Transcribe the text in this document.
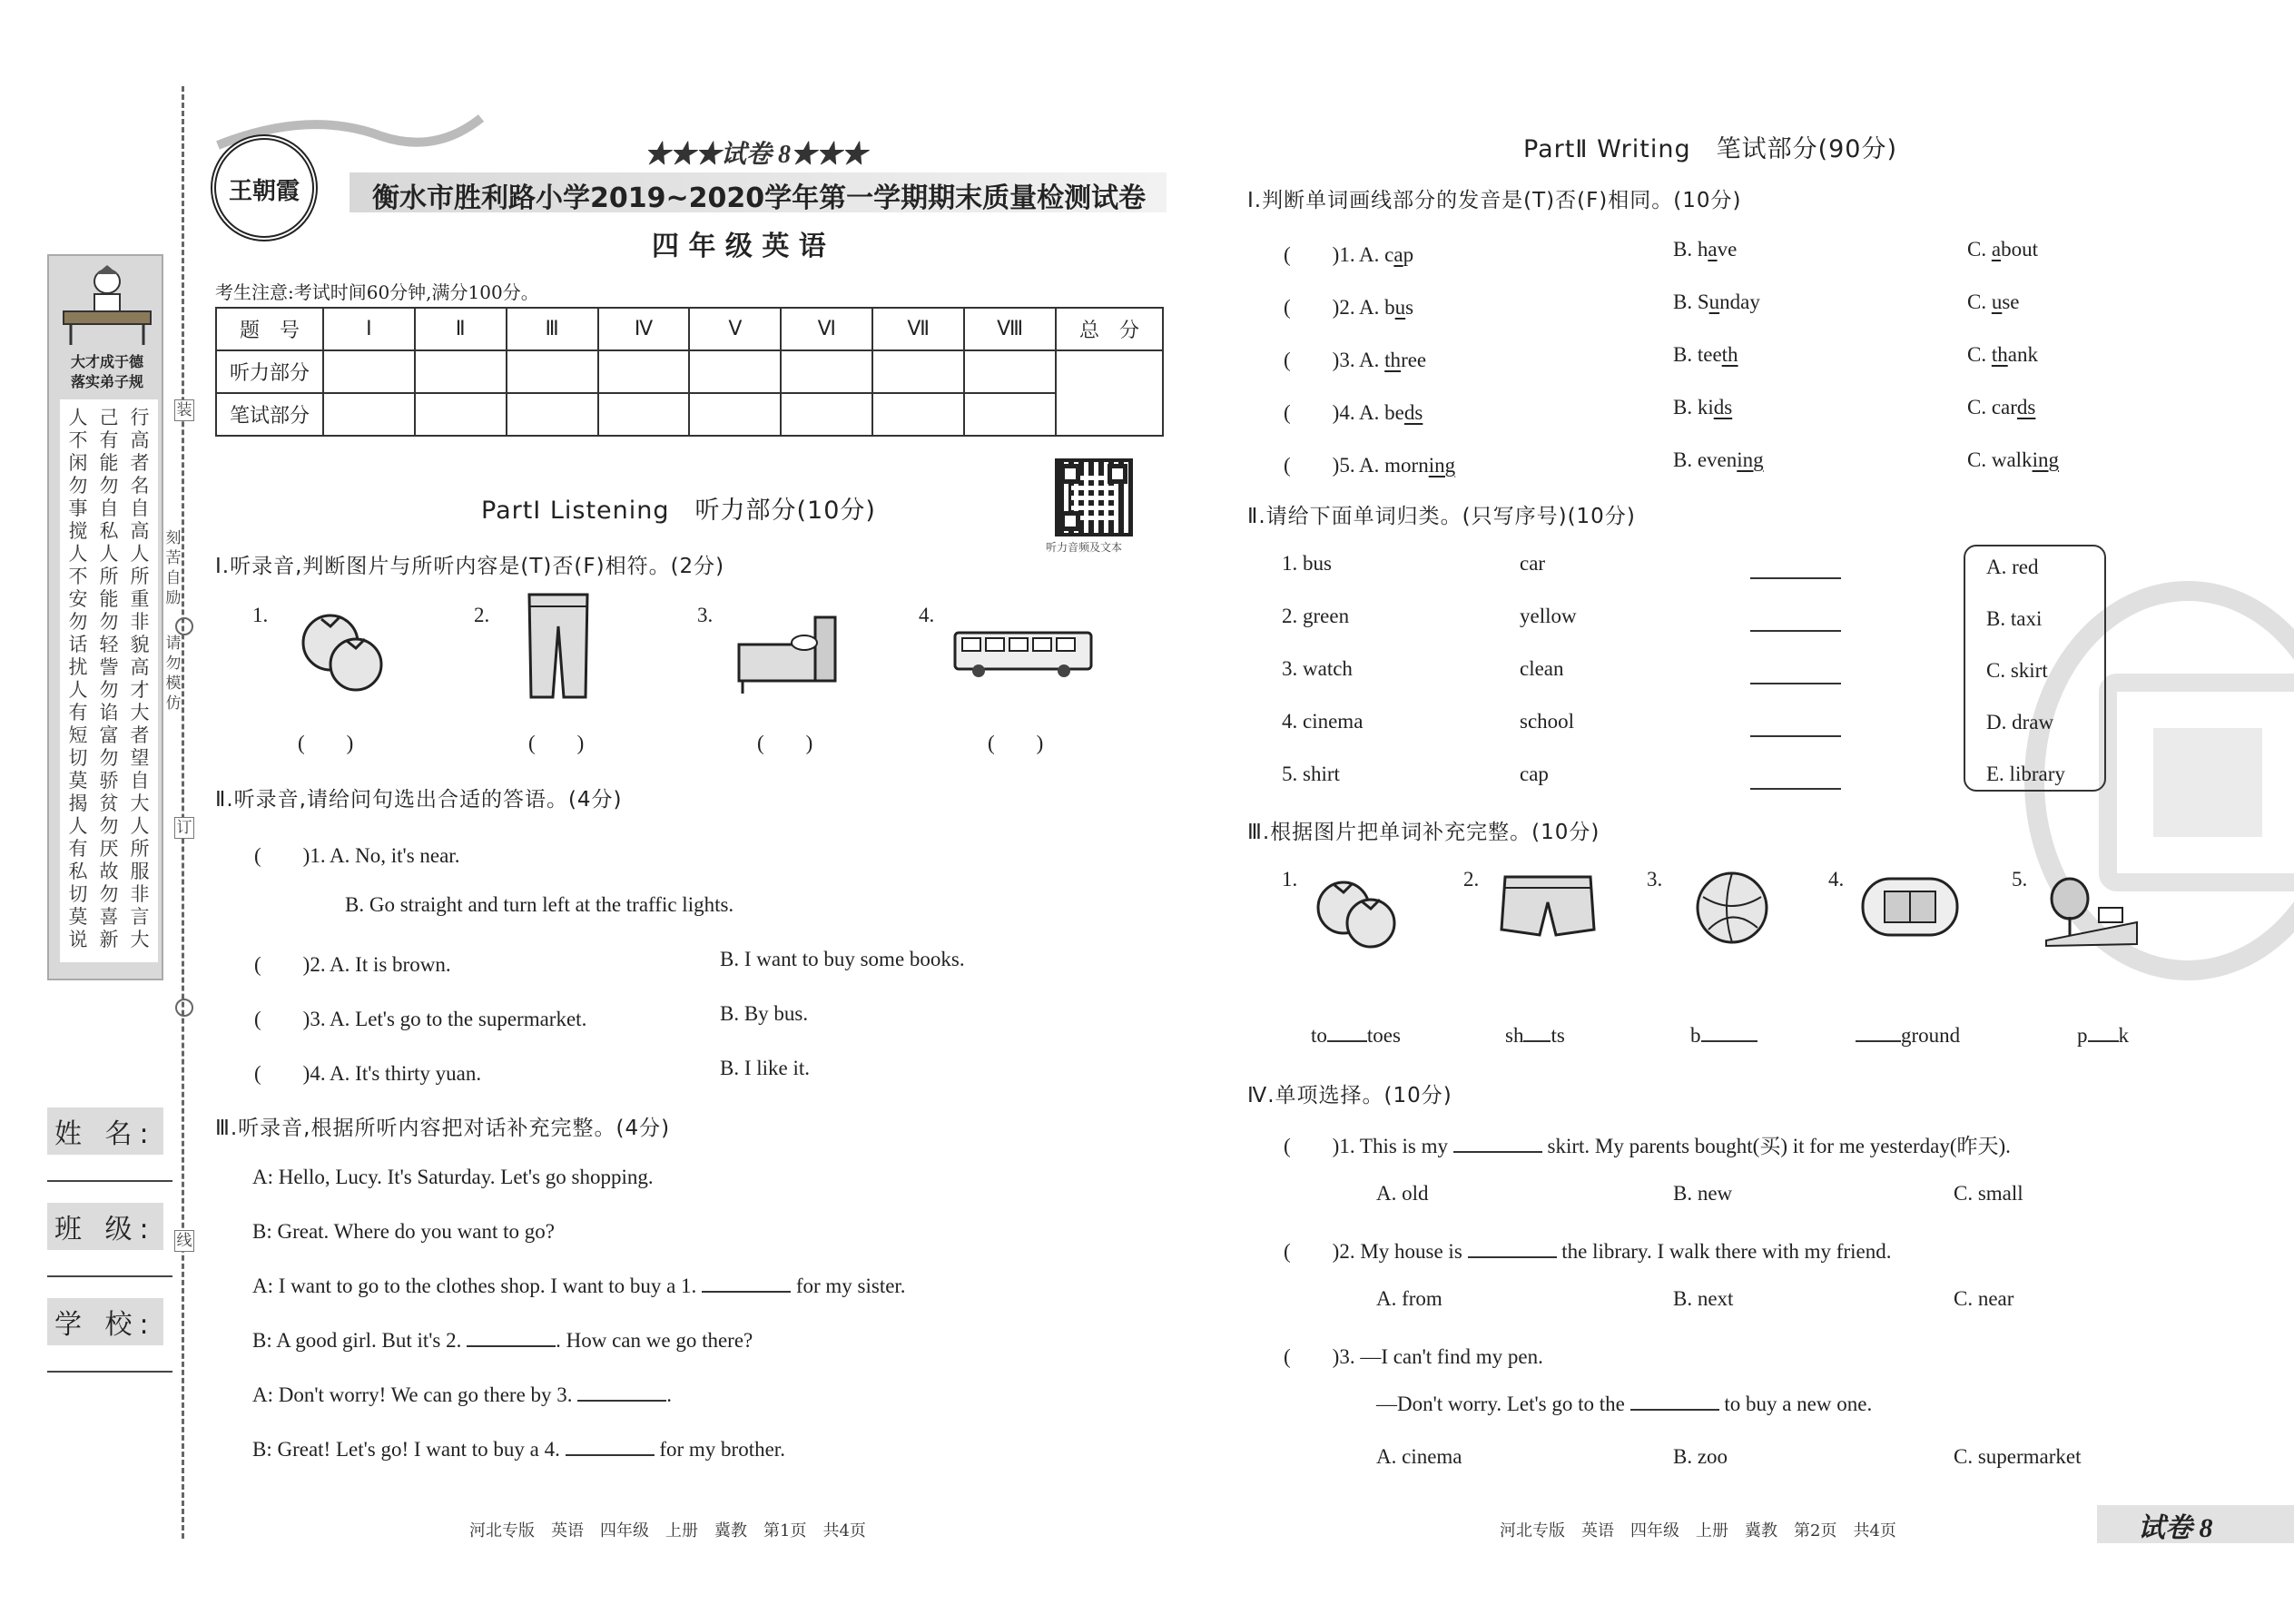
大才成于德
落实弟子规
人
不
闲
勿
事
搅
人
不
安
勿
话
扰
人
有
短
切
莫
揭
人
有
私
切
莫
说
己
有
能
勿
自
私
人
所
能
勿
轻
訾
勿
谄
富
勿
骄
贫
勿
厌
故
勿
喜
新
行
高
者
名
自
高
人
所
重
非
貌
高
才
大
者
望
自
大
人
所
服
非
言
大
装
订
线
刻
苦
自
励
请
勿
模
仿
姓 名:
班 级:
学 校:
王朝霞
★★★试卷 8★★★
衡水市胜利路小学2019~2020学年第一学期期末质量检测试卷
四 年 级 英 语
考生注意:考试时间60分钟,满分100分。
题　号	Ⅰ	Ⅱ	Ⅲ	Ⅳ	Ⅴ	Ⅵ	Ⅶ	Ⅷ	总　分
听力部分									
笔试部分									
听力音频及文本
PartⅠ Listening　听力部分(10分)
Ⅰ.听录音,判断图片与所听内容是(T)否(F)相符。(2分)
1.
(　　)
2.
(　　)
3.
(　　)
4.
(　　)
Ⅱ.听录音,请给问句选出合适的答语。(4分)
(　　)1. A. No, it's near.
B. Go straight and turn left at the traffic lights.
(　　)2. A. It is brown.	B. I want to buy some books.
(　　)3. A. Let's go to the supermarket.	B. By bus.
(　　)4. A. It's thirty yuan.	B. I like it.
Ⅲ.听录音,根据所听内容把对话补充完整。(4分)
A: Hello, Lucy. It's Saturday. Let's go shopping.
B: Great. Where do you want to go?
A: I want to go to the clothes shop. I want to buy a 1.	for my sister.
B: A good girl. But it's 2.	. How can we go there?
A: Don't worry! We can go there by 3.	.
B: Great! Let's go! I want to buy a 4.	for my brother.
河北专版　英语　四年级　上册　冀教　第1页　共4页
PartⅡ Writing　笔试部分(90分)
Ⅰ.判断单词画线部分的发音是(T)否(F)相同。(10分)
(　　)1. A. cap	B. have	C. about
(　　)2. A. bus	B. Sunday	C. use
(　　)3. A. three	B. teeth	C. thank
(　　)4. A. beds	B. kids	C. cards
(　　)5. A. morning	B. evening	C. walking
Ⅱ.请给下面单词归类。(只写序号)(10分)
1. bus	car
2. green	yellow
3. watch	clean
4. cinema	school
5. shirt	cap
A. red
B. taxi
C. skirt
D. draw
E. library
Ⅲ.根据图片把单词补充完整。(10分)
1.
to toes
2.
sh ts
3.
b
4.
ground
5.
p k
Ⅳ.单项选择。(10分)
(　　)1. This is my	skirt. My parents bought(买) it for me yesterday(昨天).
A. old	B. new	C. small
(　　)2. My house is	the library. I walk there with my friend.
A. from	B. next	C. near
(　　)3. —I can't find my pen.
—Don't worry. Let's go to the	to buy a new one.
A. cinema	B. zoo	C. supermarket
河北专版　英语　四年级　上册　冀教　第2页　共4页	试卷 8
